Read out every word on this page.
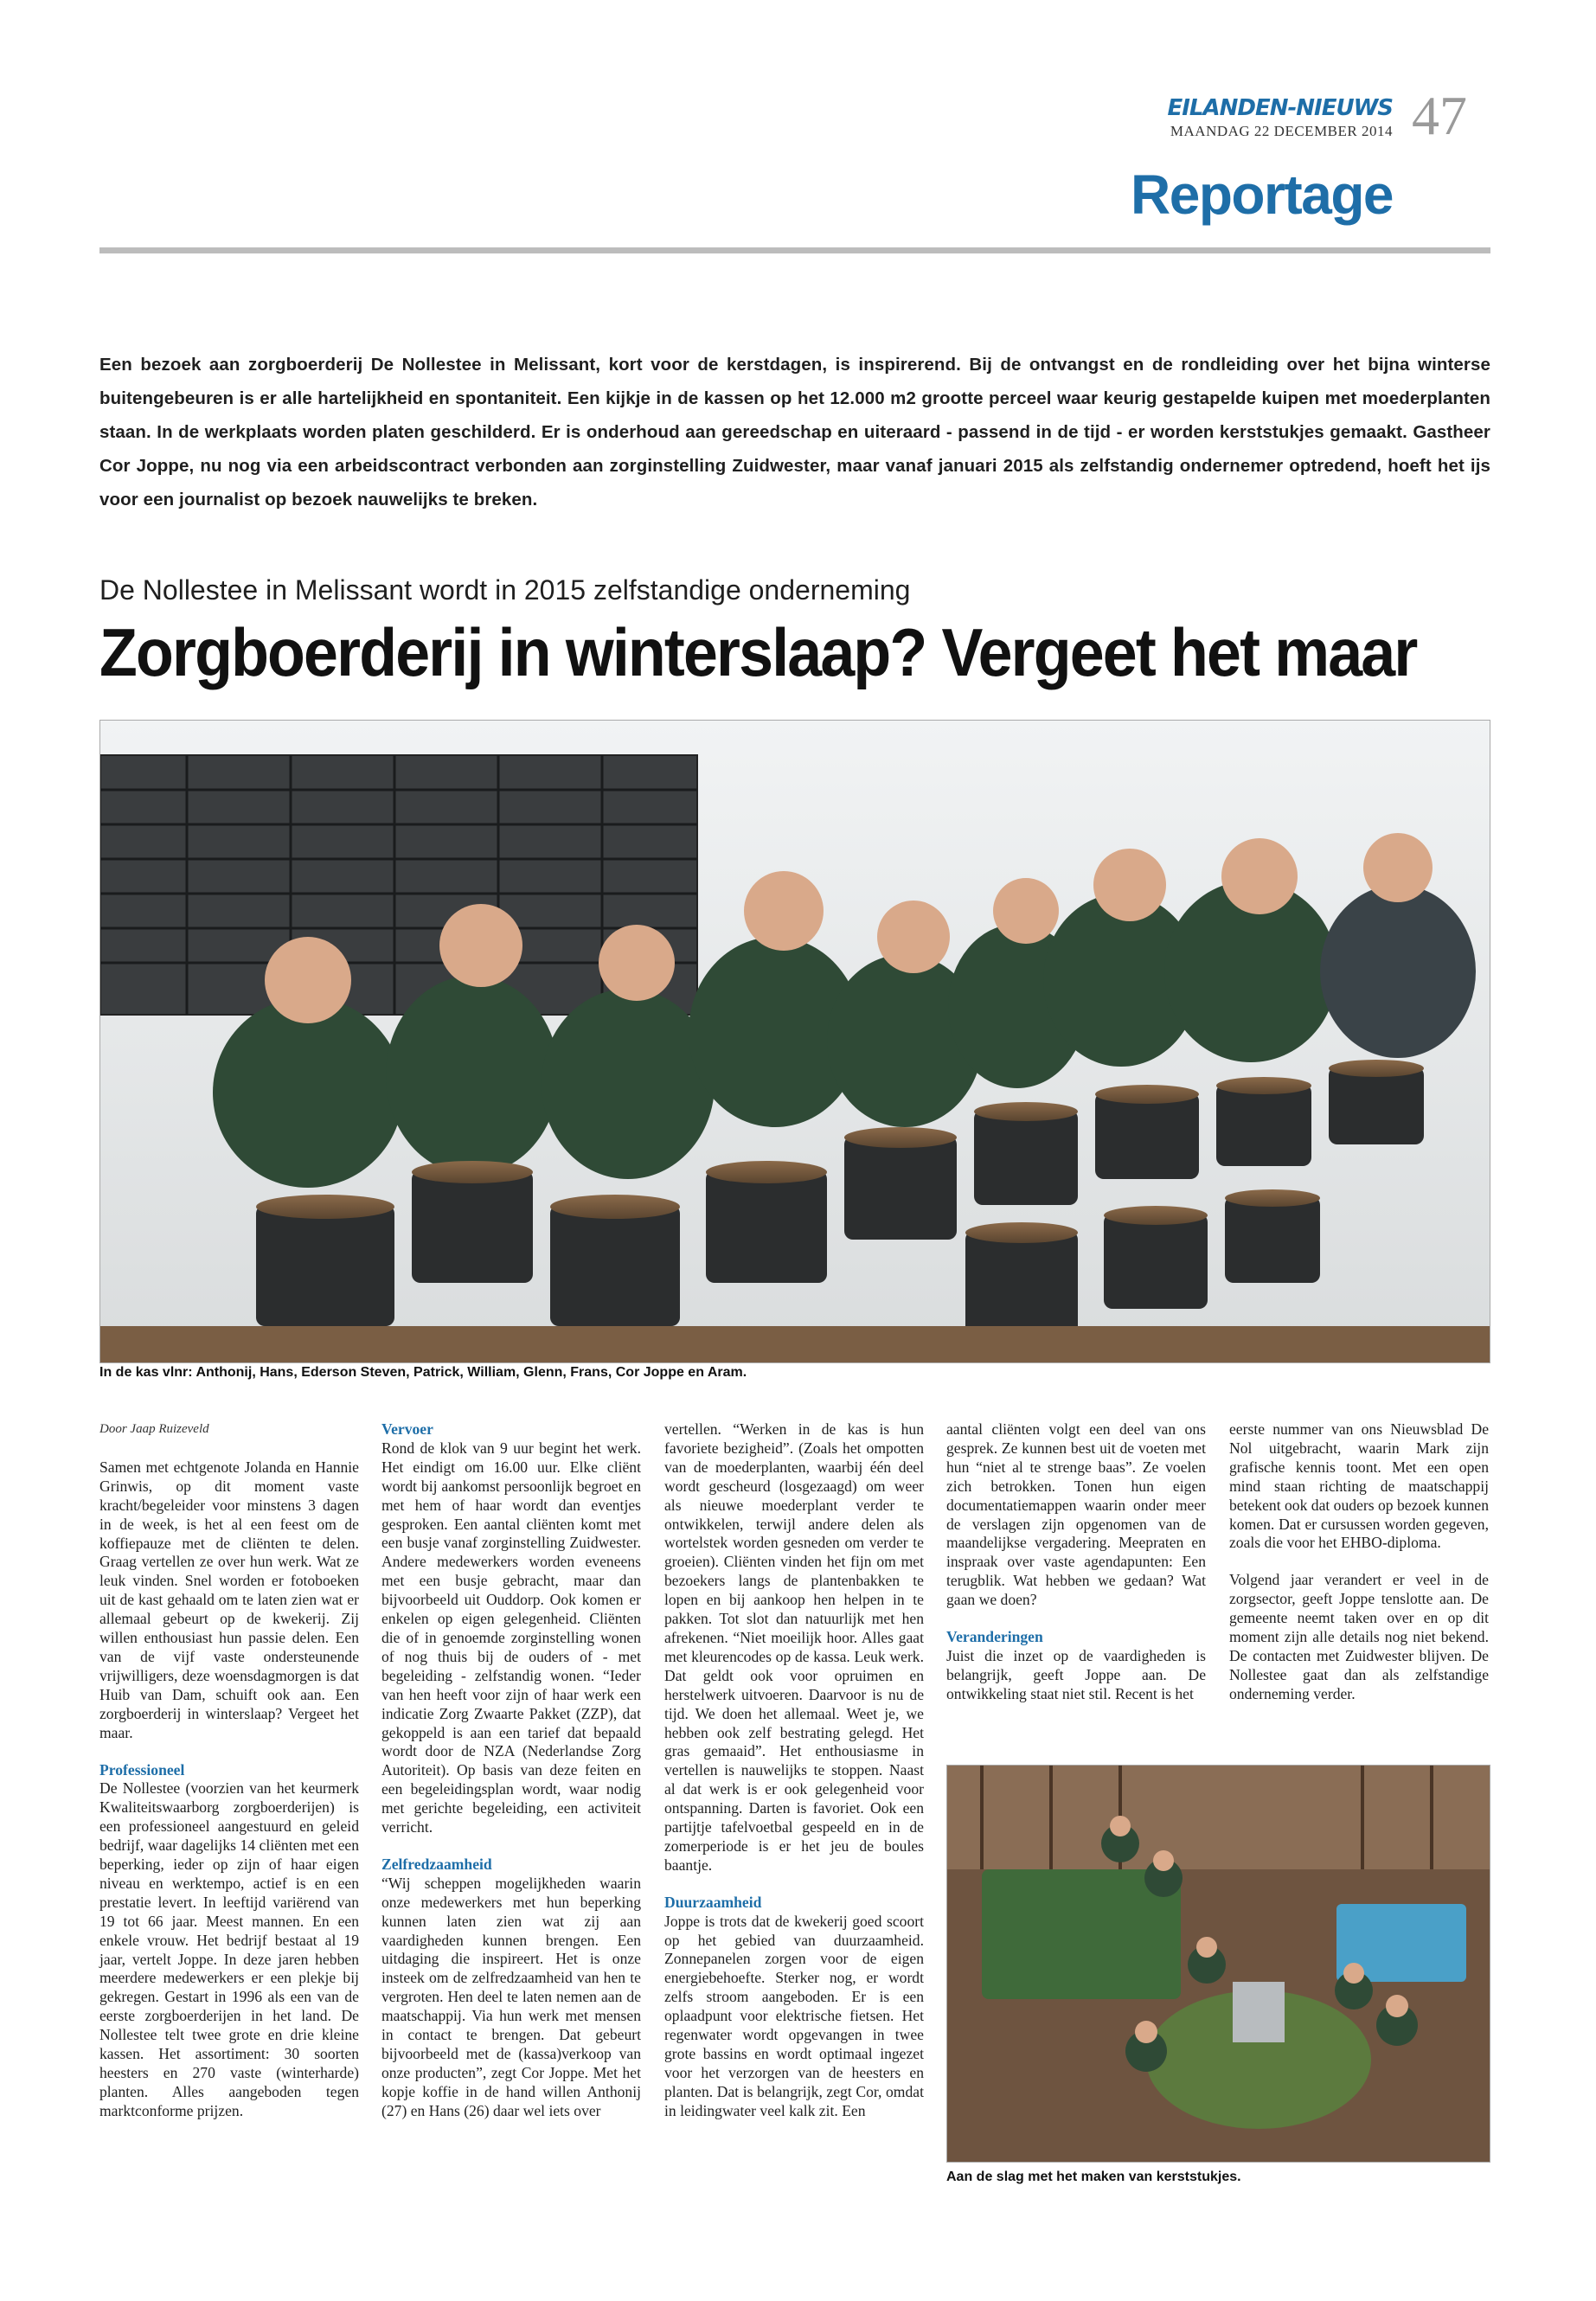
EILANDEN-NIEUWS
MAANDAG 22 DECEMBER 2014 47
Reportage
Een bezoek aan zorgboerderij De Nollestee in Melissant, kort voor de kerstdagen, is inspirerend. Bij de ontvangst en de rondleiding over het bijna winterse buitengebeuren is er alle hartelijkheid en spontaniteit. Een kijkje in de kassen op het 12.000 m2 grootte perceel waar keurig gestapelde kuipen met moederplanten staan. In de werkplaats worden platen geschilderd. Er is onderhoud aan gereedschap en uiteraard - passend in de tijd - er worden kerststukjes gemaakt. Gastheer Cor Joppe, nu nog via een arbeidscontract verbonden aan zorginstelling Zuidwester, maar vanaf januari 2015 als zelfstandig ondernemer optredend, hoeft het ijs voor een journalist op bezoek nauwelijks te breken.
De Nollestee in Melissant wordt in 2015 zelfstandige onderneming
Zorgboerderij in winterslaap? Vergeet het maar
In de kas vlnr: Anthonij, Hans, Ederson Steven, Patrick, William, Glenn, Frans, Cor Joppe en Aram.

Door Jaap Ruizeveld

Samen met echtgenote Jolanda en Hannie Grinwis, op dit moment vaste kracht/begeleider voor minstens 3 dagen in de week, is het al een feest om de koffiepauze met de cliënten te delen. Graag vertellen ze over hun werk. Wat ze leuk vinden. Snel worden er fotoboeken uit de kast gehaald om te laten zien wat er allemaal gebeurt op de kwekerij. Zij willen enthousiast hun passie delen. Een van de vijf vaste ondersteunende vrijwilligers, deze woensdagmorgen is dat Huib van Dam, schuift ook aan. Een zorgboerderij in winterslaap? Vergeet het maar.

Professioneel

De Nollestee (voorzien van het keurmerk Kwaliteitswaarborg zorgboerderijen) is een professioneel aangestuurd en geleid bedrijf, waar dagelijks 14 cliënten met een beperking, ieder op zijn of haar eigen niveau en werktempo, actief is en een prestatie levert. In leeftijd variërend van 19 tot 66 jaar. Meest mannen. En een enkele vrouw. Het bedrijf bestaat al 19 jaar, vertelt Joppe. In deze jaren hebben meerdere medewerkers er een plekje bij gekregen. Gestart in 1996 als een van de eerste zorgboerderijen in het land. De Nollestee telt twee grote en drie kleine kassen. Het assortiment: 30 soorten heesters en 270 vaste (winterharde) planten. Alles aangeboden tegen marktconforme prijzen.

Vervoer

Rond de klok van 9 uur begint het werk. Het eindigt om 16.00 uur. Elke cliënt wordt bij aankomst persoonlijk begroet en met hem of haar wordt dan eventjes gesproken. Een aantal cliënten komt met een busje vanaf zorginstelling Zuidwester. Andere medewerkers worden eveneens met een busje gebracht, maar dan bijvoorbeeld uit Ouddorp. Ook komen er enkelen op eigen gelegenheid. Cliënten die of in genoemde zorginstelling wonen of nog thuis bij de ouders of - met begeleiding - zelfstandig wonen. “Ieder van hen heeft voor zijn of haar werk een indicatie Zorg Zwaarte Pakket (ZZP), dat gekoppeld is aan een tarief dat bepaald wordt door de NZA (Nederlandse Zorg Autoriteit). Op basis van deze feiten en een begeleidingsplan wordt, waar nodig met gerichte begeleiding, een activiteit verricht.

Zelfredzaamheid

“Wij scheppen mogelijkheden waarin onze medewerkers met hun beperking kunnen laten zien wat zij aan vaardigheden kunnen brengen. Een uitdaging die inspireert. Het is onze insteek om de zelfredzaamheid van hen te vergroten. Hen deel te laten nemen aan de maatschappij. Via hun werk met mensen in contact te brengen. Dat gebeurt bijvoorbeeld met de (kassa)verkoop van onze producten”, zegt Cor Joppe. Met het kopje koffie in de hand willen Anthonij (27) en Hans (26) daar wel iets over

vertellen. “Werken in de kas is hun favoriete bezigheid”. (Zoals het ompotten van de moederplanten, waarbij één deel wordt gescheurd (losgezaagd) om weer als nieuwe moederplant verder te ontwikkelen, terwijl andere delen als wortelstek worden gesneden om verder te groeien). Cliënten vinden het fijn om met bezoekers langs de plantenbakken te lopen en bij aankoop hen helpen in te pakken. Tot slot dan natuurlijk met hen afrekenen. “Niet moeilijk hoor. Alles gaat met kleurencodes op de kassa. Leuk werk. Dat geldt ook voor opruimen en herstelwerk uitvoeren. Daarvoor is nu de tijd. We doen het allemaal. Weet je, we hebben ook zelf bestrating gelegd. Het gras gemaaid”. Het enthousiasme in vertellen is nauwelijks te stoppen. Naast al dat werk is er ook gelegenheid voor ontspanning. Darten is favoriet. Ook een partijtje tafelvoetbal gespeeld en in de zomerperiode is er het jeu de boules baantje.

Duurzaamheid

Joppe is trots dat de kwekerij goed scoort op het gebied van duurzaamheid. Zonnepanelen zorgen voor de eigen energiebehoefte. Sterker nog, er wordt zelfs stroom aangeboden. Er is een oplaadpunt voor elektrische fietsen. Het regenwater wordt opgevangen in twee grote bassins en wordt optimaal ingezet voor het verzorgen van de heesters en planten. Dat is belangrijk, zegt Cor, omdat in leidingwater veel kalk zit. Een

aantal cliënten volgt een deel van ons gesprek. Ze kunnen best uit de voeten met hun “niet al te strenge baas”. Ze voelen zich betrokken. Tonen hun eigen documentatiemappen waarin onder meer de verslagen zijn opgenomen van de maandelijkse vergadering. Meepraten en inspraak over vaste agendapunten: Een terugblik. Wat hebben we gedaan? Wat gaan we doen?

Veranderingen

Juist die inzet op de vaardigheden is belangrijk, geeft Joppe aan. De ontwikkeling staat niet stil. Recent is het

eerste nummer van ons Nieuwsblad De Nol uitgebracht, waarin Mark zijn grafische kennis toont. Met een open mind staan richting de maatschappij betekent ook dat ouders op bezoek kunnen komen. Dat er cursussen worden gegeven, zoals die voor het EHBO-diploma.

Volgend jaar verandert er veel in de zorgsector, geeft Joppe tenslotte aan. De gemeente neemt taken over en op dit moment zijn alle details nog niet bekend. De contacten met Zuidwester blijven. De Nollestee gaat dan als zelfstandige onderneming verder.

Aan de slag met het maken van kerststukjes.
